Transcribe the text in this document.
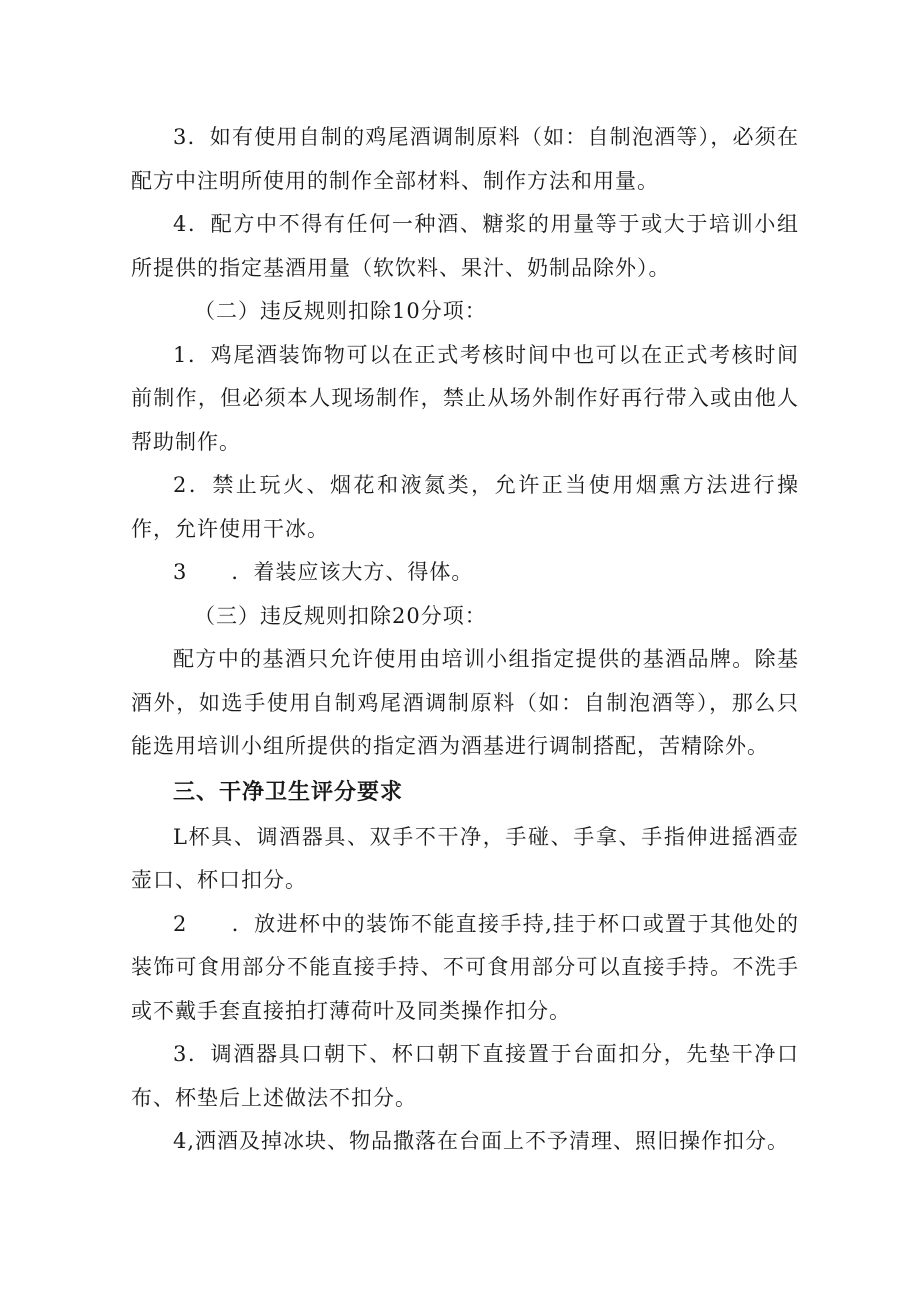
3．如有使用自制的鸡尾酒调制原料（如：自制泡酒等），必须在配方中注明所使用的制作全部材料、制作方法和用量。

4．配方中不得有任何一种酒、糖浆的用量等于或大于培训小组所提供的指定基酒用量（软饮料、果汁、奶制品除外）。

（二）违反规则扣除10分项：

1．鸡尾酒装饰物可以在正式考核时间中也可以在正式考核时间前制作，但必须本人现场制作，禁止从场外制作好再行带入或由他人帮助制作。

2．禁止玩火、烟花和液氮类，允许正当使用烟熏方法进行操作，允许使用干冰。

3 ．着装应该大方、得体。

（三）违反规则扣除20分项：

配方中的基酒只允许使用由培训小组指定提供的基酒品牌。除基酒外，如选手使用自制鸡尾酒调制原料（如：自制泡酒等），那么只能选用培训小组所提供的指定酒为酒基进行调制搭配，苦精除外。

三、干净卫生评分要求

L杯具、调酒器具、双手不干净，手碰、手拿、手指伸进摇酒壶壶口、杯口扣分。

2 ．放进杯中的装饰不能直接手持,挂于杯口或置于其他处的装饰可食用部分不能直接手持、不可食用部分可以直接手持。不洗手或不戴手套直接拍打薄荷叶及同类操作扣分。

3．调酒器具口朝下、杯口朝下直接置于台面扣分，先垫干净口布、杯垫后上述做法不扣分。

4,洒酒及掉冰块、物品撒落在台面上不予清理、照旧操作扣分。
